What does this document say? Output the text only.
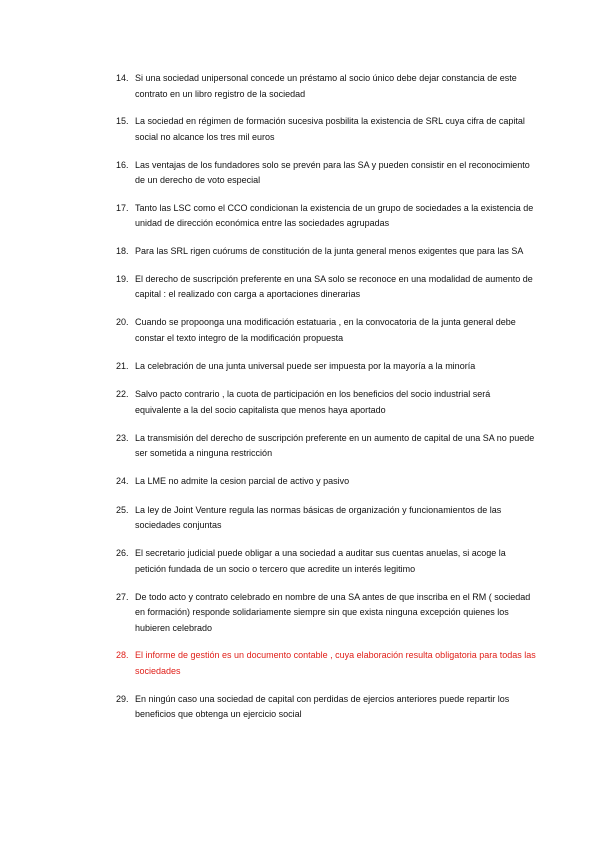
14. Si una sociedad unipersonal concede un préstamo al socio único debe dejar constancia de este contrato en un libro registro de la sociedad
15. La sociedad en régimen de formación sucesiva posbilita la existencia de SRL cuya cifra de capital social no alcance los tres mil euros
16. Las ventajas de los fundadores solo se prevén para las SA y pueden consistir en el reconocimiento de un derecho de voto especial
17. Tanto las LSC como el CCO condicionan la existencia de un grupo de sociedades a la existencia de unidad de dirección económica entre las sociedades agrupadas
18. Para las SRL rigen cuórums de constitución de la junta general menos exigentes que para las SA
19. El derecho de suscripción preferente en una SA solo se reconoce en una modalidad de aumento de capital : el realizado con carga a aportaciones dinerarias
20. Cuando se propoonga una modificación estatuaria , en la convocatoria de la junta general debe constar el texto integro de la modificación propuesta
21. La celebración de una junta universal puede ser impuesta por la mayoría a la minoría
22. Salvo pacto contrario , la cuota de participación en los beneficios del socio industrial será equivalente a la del socio capitalista que menos haya aportado
23. La transmisión del derecho de suscripción preferente en un aumento de capital de una SA no puede ser sometida a ninguna restricción
24. La LME no admite la cesion parcial de activo y pasivo
25. La ley de Joint Venture regula las normas básicas de organización y funcionamientos de las sociedades conjuntas
26. El secretario judicial puede obligar a una sociedad a auditar sus cuentas anuelas, si acoge la petición fundada de un socio o tercero que acredite un interés legitimo
27. De todo acto y contrato celebrado en nombre de una SA antes de que inscriba en el RM ( sociedad en formación) responde solidariamente siempre sin que exista ninguna excepción quienes los hubieren celebrado
28. El informe de gestión es un documento contable , cuya elaboración resulta obligatoria para todas las sociedades
29. En ningún caso una sociedad de capital con perdidas de ejercios anteriores puede repartir los beneficios que obtenga un ejercicio social
